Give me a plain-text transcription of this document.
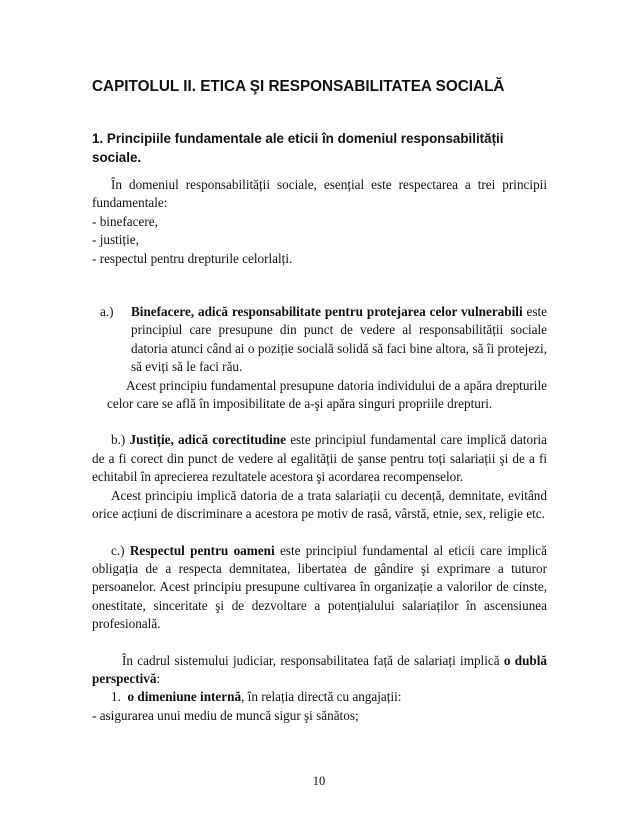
CAPITOLUL II. ETICA ŞI RESPONSABILITATEA SOCIALĂ
1. Principiile fundamentale ale eticii în domeniul responsabilității sociale.

În domeniul responsabilității sociale, esențial este respectarea a trei principii fundamentale:

- binefacere,

- justiție,

- respectul pentru drepturile celorlalți.

a.) Binefacere, adică responsabilitate pentru protejarea celor vulnerabili este principiul care presupune din punct de vedere al responsabilității sociale datoria atunci când ai o poziție socială solidă să faci bine altora, să îi protejezi, să eviți să le faci rău.

Acest principiu fundamental presupune datoria individului de a apăra drepturile celor care se află în imposibilitate de a-şi apăra singuri propriile drepturi.

b.) Justiție, adică corectitudine este principiul fundamental care implică datoria de a fi corect din punct de vedere al egalității de şanse pentru toți salariații şi de a fi echitabil în aprecierea rezultatele acestora şi acordarea recompenselor.

Acest principiu implică datoria de a trata salariații cu decență, demnitate, evitând orice acțiuni de discriminare a acestora pe motiv de rasă, vârstă, etnie, sex, religie etc.

c.) Respectul pentru oameni este principiul fundamental al eticii care implică obligația de a respecta demnitatea, libertatea de gândire şi exprimare a tuturor persoanelor. Acest principiu presupune cultivarea în organizație a valorilor de cinste, onestitate, sinceritate şi de dezvoltare a potențialului salariaților în ascensiunea profesională.

În cadrul sistemului judiciar, responsabilitatea față de salariați implică o dublă perspectivă:

1. o dimeniune internă, în relația directă cu angajații:

- asigurarea unui mediu de muncă sigur şi sănătos;

10
